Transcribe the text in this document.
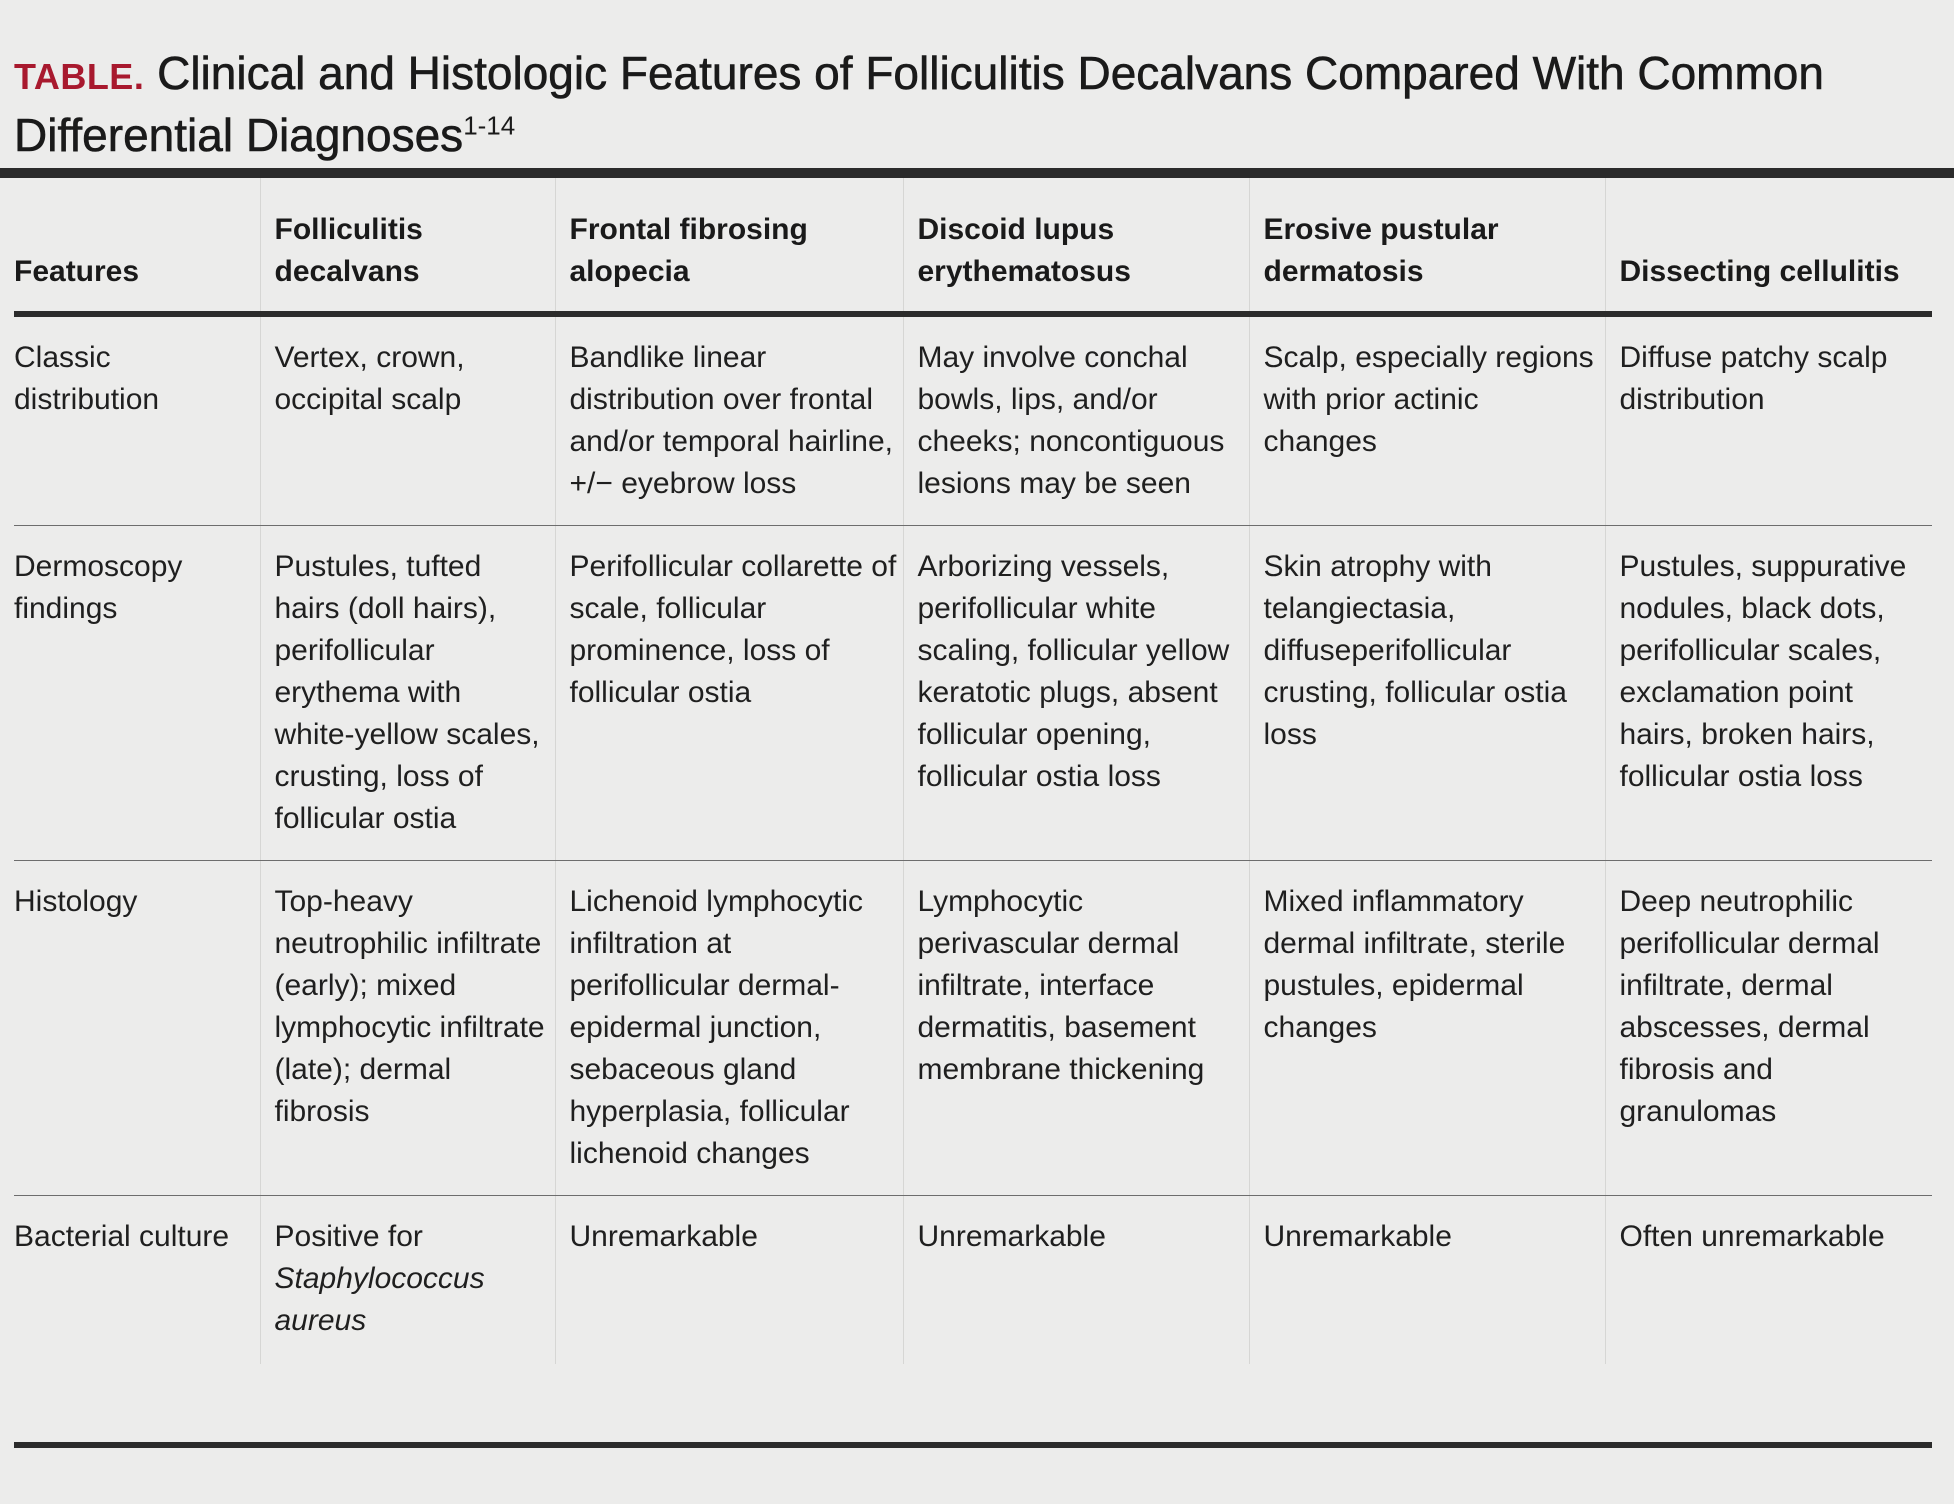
TABLE. Clinical and Histologic Features of Folliculitis Decalvans Compared With Common Differential Diagnoses$^{1-14}$
Features	Folliculitis decalvans	Frontal fibrosing alopecia	Discoid lupus erythematosus	Erosive pustular dermatosis	Dissecting cellulitis

Classic distribution	Vertex, crown, occipital scalp	Bandlike linear distribution over frontal and/or temporal hairline, +/− eyebrow loss	May involve conchal bowls, lips, and/or cheeks; noncontiguous lesions may be seen	Scalp, especially regions with prior actinic changes	Diffuse patchy scalp distribution

Dermoscopy findings	Pustules, tufted hairs (doll hairs), perifollicular erythema with white-yellow scales, crusting, loss of follicular ostia	Perifollicular collarette of scale, follicular prominence, loss of follicular ostia	Arborizing vessels, perifollicular white scaling, follicular yellow keratotic plugs, absent follicular opening, follicular ostia loss	Skin atrophy with telangiectasia, diffuseperifollicular crusting, follicular ostia loss	Pustules, suppurative nodules, black dots, perifollicular scales, exclamation point hairs, broken hairs, follicular ostia loss

Histology	Top-heavy neutrophilic infiltrate (early); mixed lymphocytic infiltrate (late); dermal fibrosis	Lichenoid lymphocytic infiltration at perifollicular dermal-epidermal junction, sebaceous gland hyperplasia, follicular lichenoid changes	Lymphocytic perivascular dermal infiltrate, interface dermatitis, basement membrane thickening	Mixed inflammatory dermal infiltrate, sterile pustules, epidermal changes	Deep neutrophilic perifollicular dermal infiltrate, dermal abscesses, dermal fibrosis and granulomas

Bacterial culture	Positive for Staphylococcus aureus	Unremarkable	Unremarkable	Unremarkable	Often unremarkable
